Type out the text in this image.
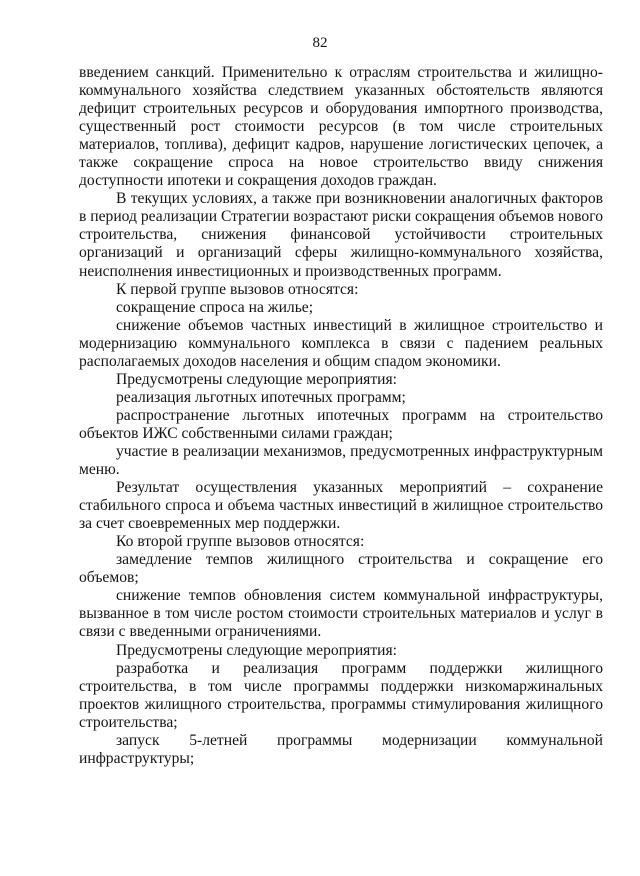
82

введением санкций. Применительно к отраслям строительства и жилищно-коммунального хозяйства следствием указанных обстоятельств являются дефицит строительных ресурсов и оборудования импортного производства, существенный рост стоимости ресурсов (в том числе строительных материалов, топлива), дефицит кадров, нарушение логистических цепочек, а также сокращение спроса на новое строительство ввиду снижения доступности ипотеки и сокращения доходов граждан.

В текущих условиях, а также при возникновении аналогичных факторов в период реализации Стратегии возрастают риски сокращения объемов нового строительства, снижения финансовой устойчивости строительных организаций и организаций сферы жилищно-коммунального хозяйства, неисполнения инвестиционных и производственных программ.

К первой группе вызовов относятся:

сокращение спроса на жилье;

снижение объемов частных инвестиций в жилищное строительство и модернизацию коммунального комплекса в связи с падением реальных располагаемых доходов населения и общим спадом экономики.

Предусмотрены следующие мероприятия:

реализация льготных ипотечных программ;

распространение льготных ипотечных программ на строительство объектов ИЖС собственными силами граждан;

участие в реализации механизмов, предусмотренных инфраструктурным меню.

Результат осуществления указанных мероприятий – сохранение стабильного спроса и объема частных инвестиций в жилищное строительство за счет своевременных мер поддержки.

Ко второй группе вызовов относятся:

замедление темпов жилищного строительства и сокращение его объемов;

снижение темпов обновления систем коммунальной инфраструктуры, вызванное в том числе ростом стоимости строительных материалов и услуг в связи с введенными ограничениями.

Предусмотрены следующие мероприятия:

разработка и реализация программ поддержки жилищного строительства, в том числе программы поддержки низкомаржинальных проектов жилищного строительства, программы стимулирования жилищного строительства;

запуск 5-летней программы модернизации коммунальной инфраструктуры;
